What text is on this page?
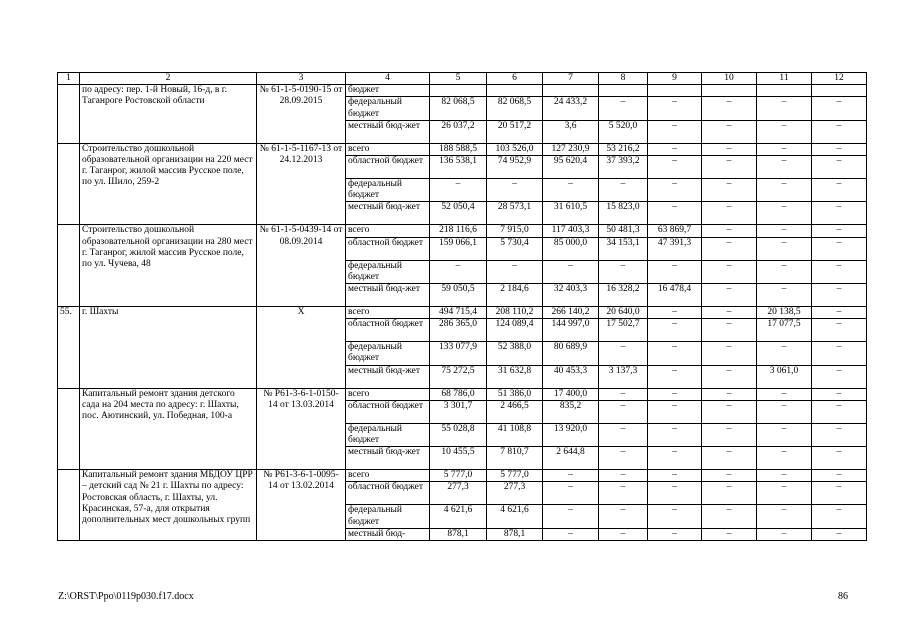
1	2	3	4	5	6	7	8	9	10	11	12
	по адресу: пер. 1-й Новый, 16-д, в г. Таганроге Ростовской области	№ 61-1-5-0190-15 от 28.09.2015	бюджет								
			федеральный бюджет	82 068,5	82 068,5	24 433,2	–	–	–	–	–
			местный бюд-жет	26 037,2	20 517,2	3,6	5 520,0	–	–	–	–
	Строительство дошкольной образовательной организации на 220 мест г. Таганрог, жилой массив Русское поле, по ул. Шило, 259-2	№ 61-1-5-1167-13 от 24.12.2013	всего	188 588,5	103 526,0	127 230,9	53 216,2	–	–	–	–
			областной бюджет	136 538,1	74 952,9	95 620,4	37 393,2	–	–	–	–
			федеральный бюджет	–	–	–	–	–	–	–	–
			местный бюд-жет	52 050,4	28 573,1	31 610,5	15 823,0	–	–	–	–
	Строительство дошкольной образовательной организации на 280 мест г. Таганрог, жилой массив Русское поле, по ул. Чучева, 48	№ 61-1-5-0439-14 от 08.09.2014	всего	218 116,6	7 915,0	117 403,3	50 481,3	63 869,7	–	–	–
			областной бюджет	159 066,1	5 730,4	85 000,0	34 153,1	47 391,3	–	–	–
			федеральный бюджет	–	–	–	–	–	–	–	–
			местный бюд-жет	59 050,5	2 184,6	32 403,3	16 328,2	16 478,4	–	–	–
55.	г. Шахты	Х	всего	494 715,4	208 110,2	266 140,2	20 640,0	–	–	20 138,5	–
			областной бюджет	286 365,0	124 089,4	144 997,0	17 502,7	–	–	17 077,5	–
			федеральный бюджет	133 077,9	52 388,0	80 689,9	–	–	–	–	–
			местный бюд-жет	75 272,5	31 632,8	40 453,3	3 137,3	–	–	3 061,0	–
	Капитальный ремонт здания детского сада на 204 места по адресу: г. Шахты, пос. Аютинский, ул. Победная, 100-а	№ Р61-3-6-1-0150-14 от 13.03.2014	всего	68 786,0	51 386,0	17 400,0	–	–	–	–	–
			областной бюджет	3 301,7	2 466,5	835,2	–	–	–	–	–
			федеральный бюджет	55 028,8	41 108,8	13 920,0	–	–	–	–	–
			местный бюд-жет	10 455,5	7 810,7	2 644,8	–	–	–	–	–
	Капитальный ремонт здания МБДОУ ЦРР – детский сад № 21 г. Шахты по адресу: Ростовская область, г. Шахты, ул. Красинская, 57-а, для открытия дополнительных мест дошкольных групп	№ Р61-3-6-1-0095-14 от 13.02.2014	всего	5 777,0	5 777,0	–	–	–	–	–	–
			областной бюджет	277,3	277,3	–	–	–	–	–	–
			федеральный бюджет	4 621,6	4 621,6	–	–	–	–	–	–
			местный бюд-	878,1	878,1	–	–	–	–	–	–
Z:\ORST\Ppo\0119p030.f17.docx	86
